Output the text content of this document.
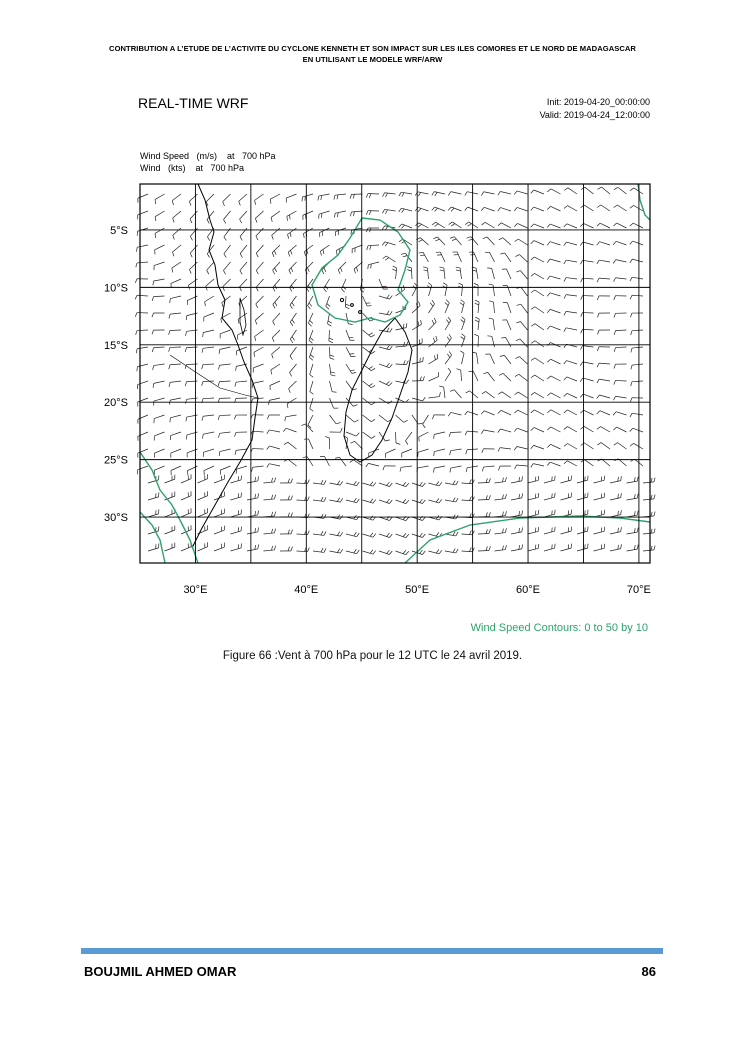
CONTRIBUTION A L’ETUDE DE L’ACTIVITE DU CYCLONE KENNETH ET SON IMPACT SUR LES ILES COMORES ET LE NORD DE MADAGASCAR
EN UTILISANT LE MODELE WRF/ARW
REAL-TIME WRF	Init: 2019-04-20_00:00:00
Valid: 2019-04-24_12:00:00
Wind Speed   (m/s)    at   700 hPa
Wind   (kts)    at   700 hPa
5°S
10°S
15°S
20°S
25°S
30°S
30°E	40°E	50°E	60°E	70°E
Wind Speed Contours: 0 to 50 by 10
Figure 66 :Vent à 700 hPa pour le 12 UTC le 24 avril 2019.
BOUJMIL AHMED OMAR	86
